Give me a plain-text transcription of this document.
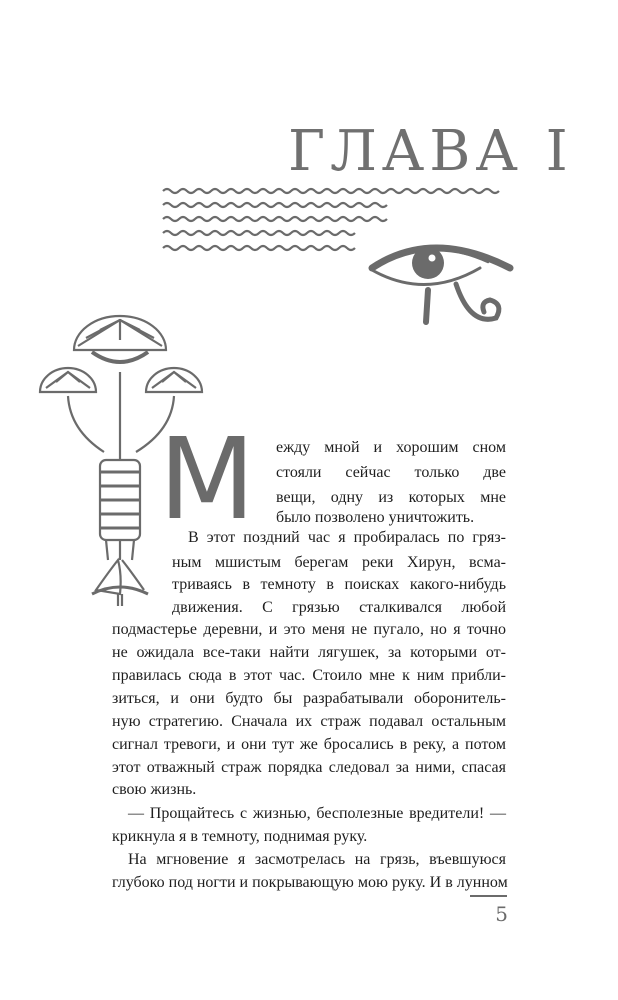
ГЛАВА I
М	ежду мной и хорошим сном
стояли сейчас только две
вещи, одну из которых мне
было позволено уничтожить.
В этот поздний час я пробиралась по гряз-
ным мшистым берегам реки Хирун, всма-
триваясь в темноту в поисках какого-нибудь
движения. С грязью сталкивался любой
подмастерье деревни, и это меня не пугало, но я точно
не ожидала все-таки найти лягушек, за которыми от-
правилась сюда в этот час. Стоило мне к ним прибли-
зиться, и они будто бы разрабатывали оборонитель-
ную стратегию. Сначала их страж подавал остальным
сигнал тревоги, и они тут же бросались в реку, а потом
этот отважный страж порядка следовал за ними, спасая
свою жизнь.
— Прощайтесь с жизнью, бесполезные вредители! —
крикнула я в темноту, поднимая руку.
На мгновение я засмотрелась на грязь, въевшуюся
глубоко под ногти и покрывающую мою руку. И в лунном
5
